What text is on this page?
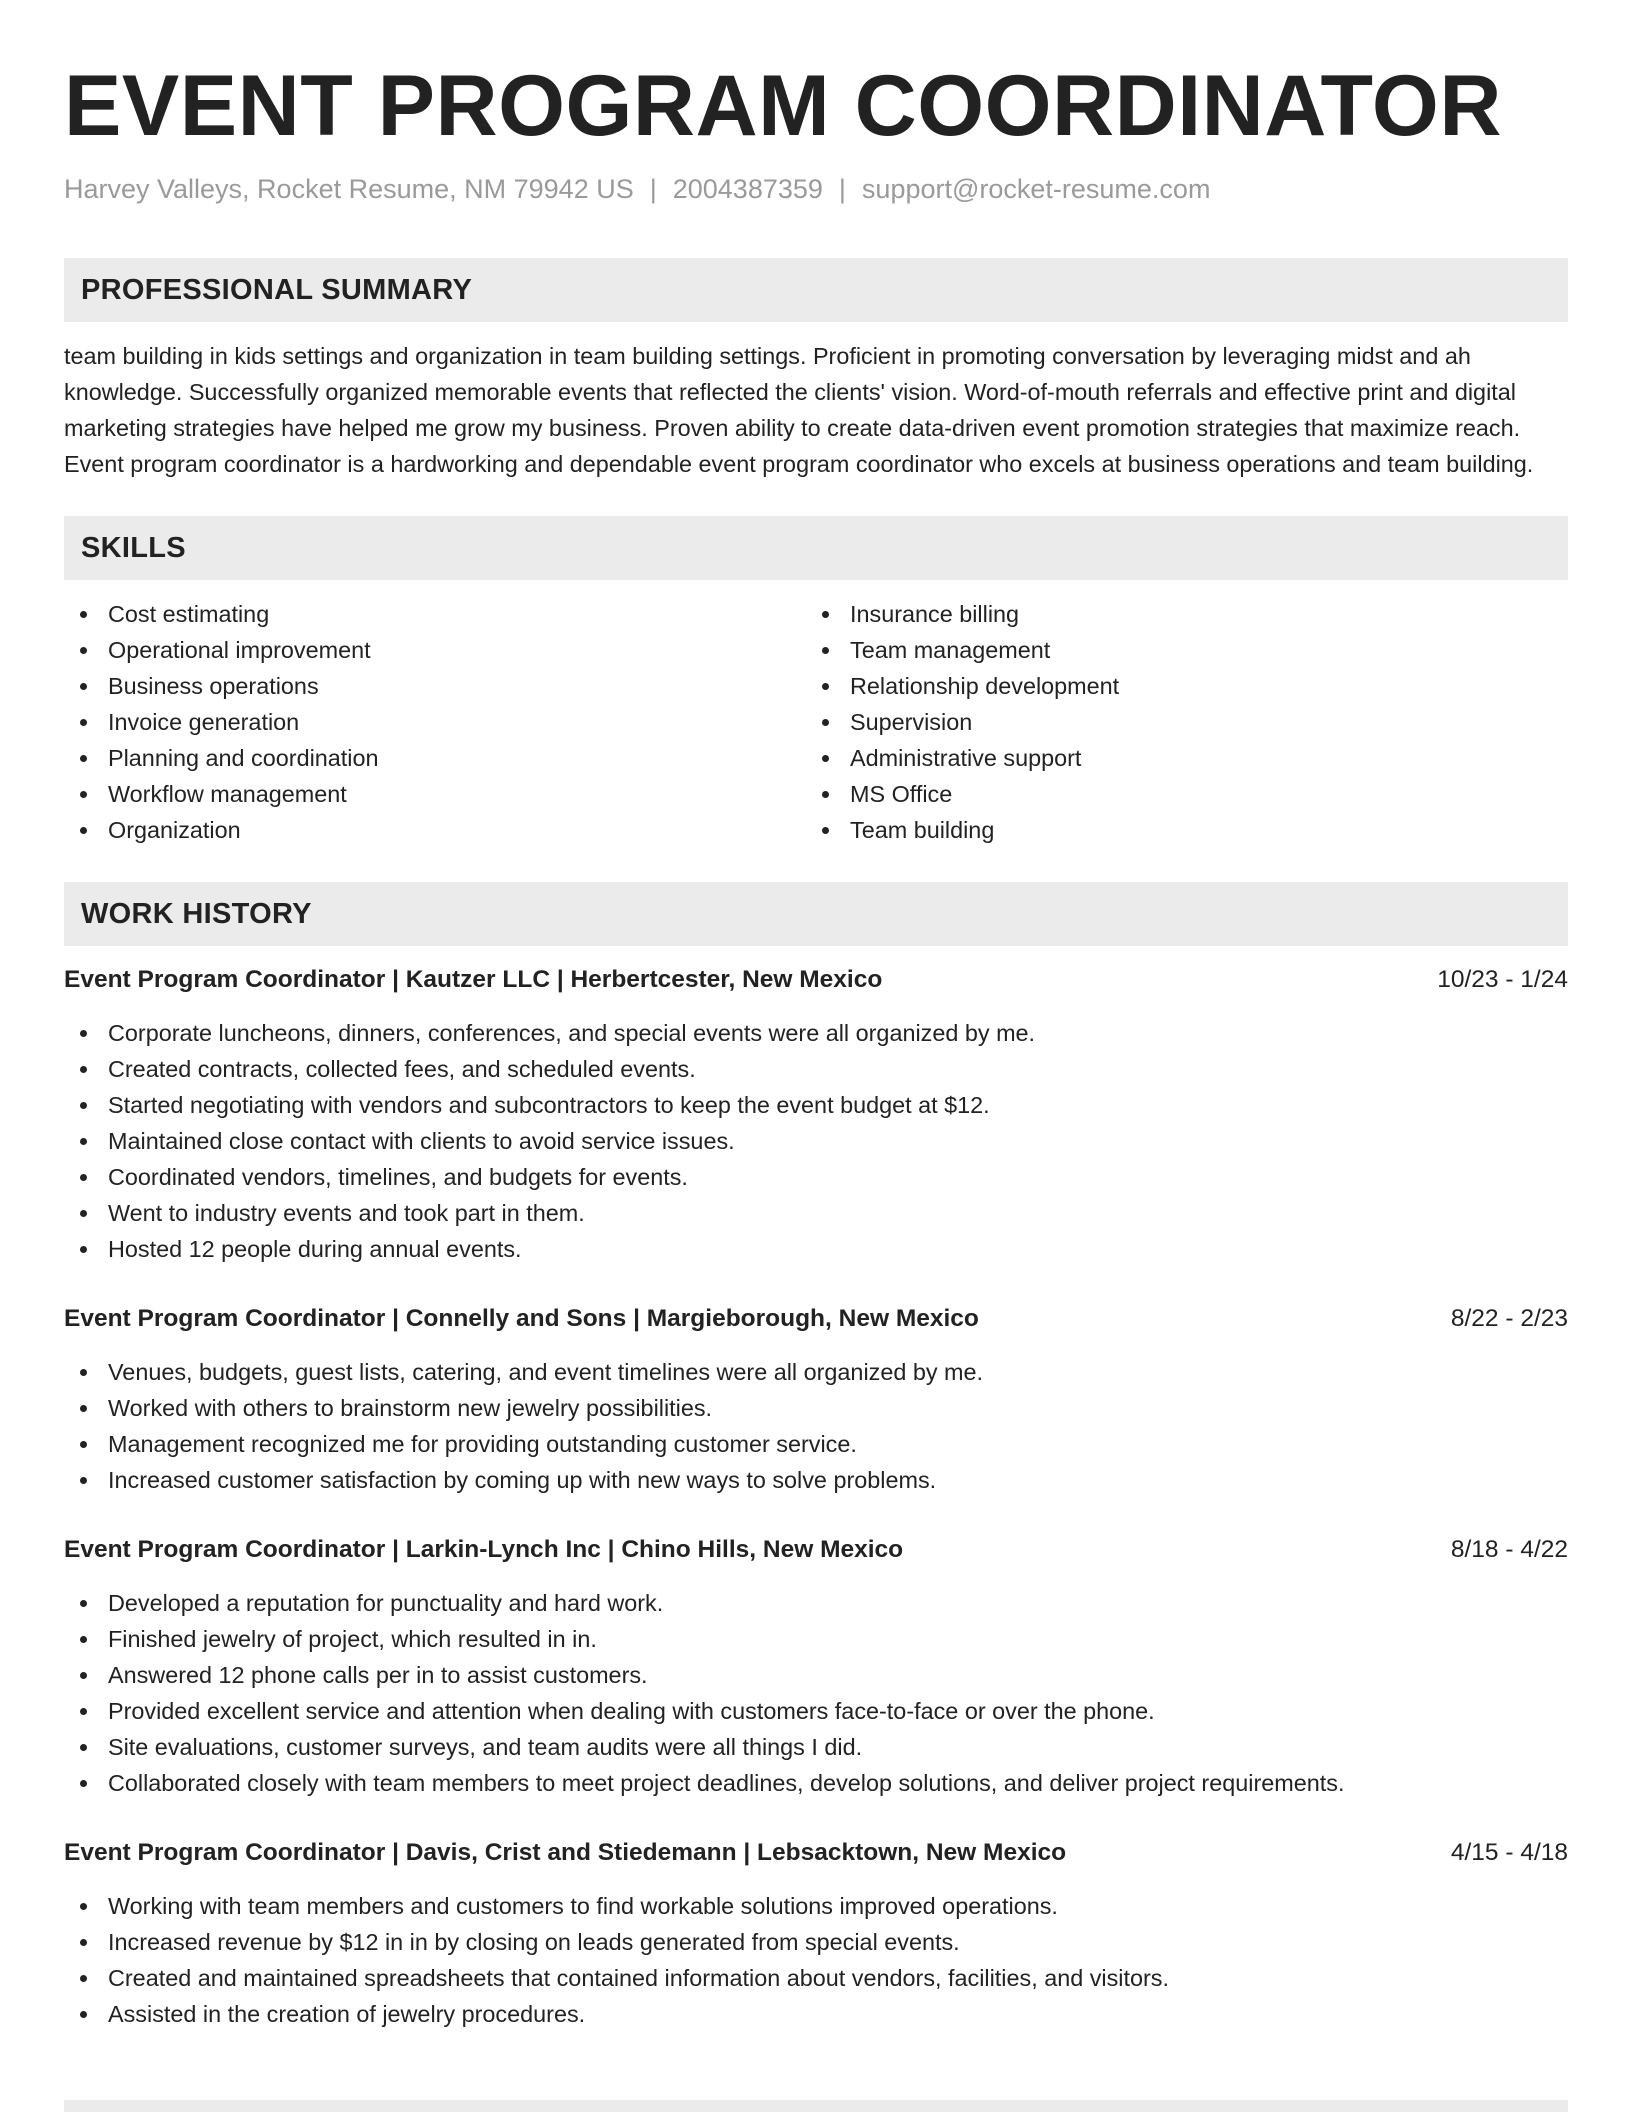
EVENT PROGRAM COORDINATOR
Harvey Valleys, Rocket Resume, NM 79942 US | 2004387359 | support@rocket-resume.com
PROFESSIONAL SUMMARY

team building in kids settings and organization in team building settings. Proficient in promoting conversation by leveraging midst and ah knowledge. Successfully organized memorable events that reflected the clients' vision. Word-of-mouth referrals and effective print and digital marketing strategies have helped me grow my business. Proven ability to create data-driven event promotion strategies that maximize reach. Event program coordinator is a hardworking and dependable event program coordinator who excels at business operations and team building.

SKILLS
Cost estimating
Operational improvement
Business operations
Invoice generation
Planning and coordination
Workflow management
Organization
Insurance billing
Team management
Relationship development
Supervision
Administrative support
MS Office
Team building
WORK HISTORY
Event Program Coordinator | Kautzer LLC | Herbertcester, New Mexico	10/23 - 1/24
Corporate luncheons, dinners, conferences, and special events were all organized by me.
Created contracts, collected fees, and scheduled events.
Started negotiating with vendors and subcontractors to keep the event budget at $12.
Maintained close contact with clients to avoid service issues.
Coordinated vendors, timelines, and budgets for events.
Went to industry events and took part in them.
Hosted 12 people during annual events.
Event Program Coordinator | Connelly and Sons | Margieborough, New Mexico	8/22 - 2/23
Venues, budgets, guest lists, catering, and event timelines were all organized by me.
Worked with others to brainstorm new jewelry possibilities.
Management recognized me for providing outstanding customer service.
Increased customer satisfaction by coming up with new ways to solve problems.
Event Program Coordinator | Larkin-Lynch Inc | Chino Hills, New Mexico	8/18 - 4/22
Developed a reputation for punctuality and hard work.
Finished jewelry of project, which resulted in in.
Answered 12 phone calls per in to assist customers.
Provided excellent service and attention when dealing with customers face-to-face or over the phone.
Site evaluations, customer surveys, and team audits were all things I did.
Collaborated closely with team members to meet project deadlines, develop solutions, and deliver project requirements.
Event Program Coordinator | Davis, Crist and Stiedemann | Lebsacktown, New Mexico	4/15 - 4/18
Working with team members and customers to find workable solutions improved operations.
Increased revenue by $12 in in by closing on leads generated from special events.
Created and maintained spreadsheets that contained information about vendors, facilities, and visitors.
Assisted in the creation of jewelry procedures.
